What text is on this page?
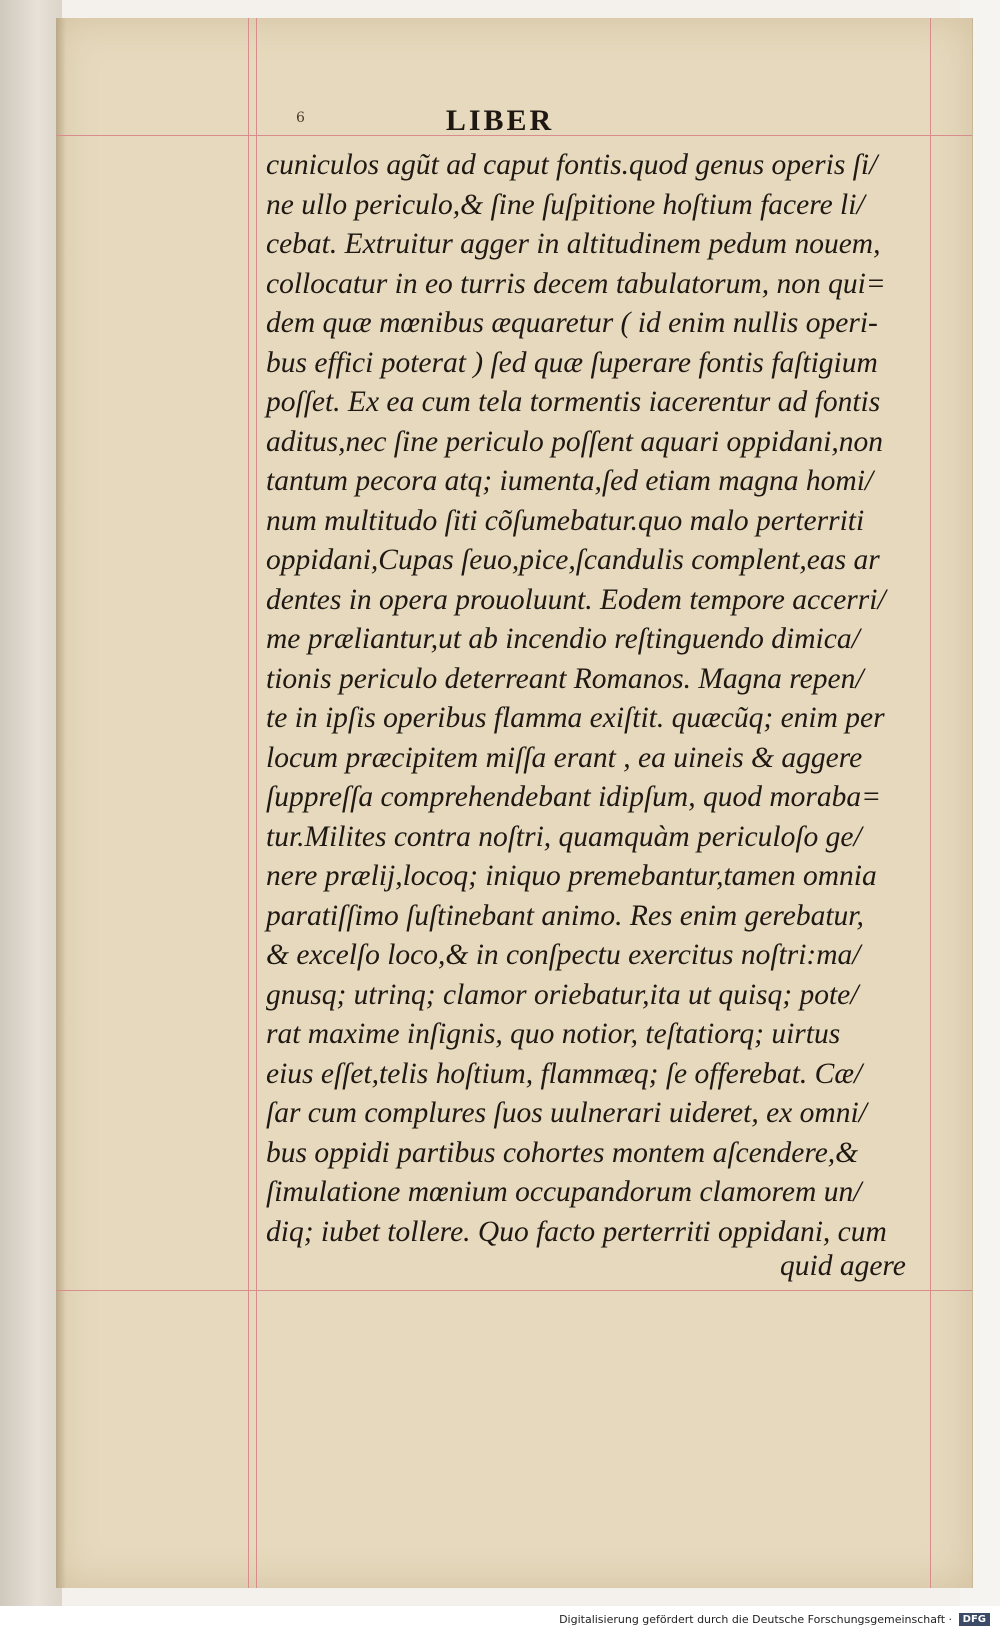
6	LIBER
cuniculos agũt ad caput fontis.quod genus operis ſi/
ne ullo periculo,& ſine ſuſpitione hoſtium facere li/
cebat. Extruitur agger in altitudinem pedum nouem,
collocatur in eo turris decem tabulatorum, non qui=
dem quæ mœnibus æquaretur ( id enim nullis operi-
bus effici poterat ) ſed quæ ſuperare fontis faſtigium
poſſet. Ex ea cum tela tormentis iacerentur ad fontis
aditus,nec ſine periculo poſſent aquari oppidani,non
tantum pecora atq; iumenta,ſed etiam magna homi/
num multitudo ſiti cõſumebatur.quo malo perterriti
oppidani,Cupas ſeuo,pice,ſcandulis complent,eas ar
dentes in opera prouoluunt. Eodem tempore accerri/
me præliantur,ut ab incendio reſtinguendo dimica/
tionis periculo deterreant Romanos. Magna repen/
te in ipſis operibus flamma exiſtit. quæcũq; enim per
locum præcipitem miſſa erant , ea uineis & aggere
ſuppreſſa comprehendebant idipſum, quod moraba=
tur.Milites contra noſtri, quamquàm periculoſo ge/
nere prælij,locoq; iniquo premebantur,tamen omnia
paratiſſimo ſuſtinebant animo. Res enim gerebatur,
& excelſo loco,& in conſpectu exercitus noſtri:ma/
gnusq; utrinq; clamor oriebatur,ita ut quisq; pote/
rat maxime inſignis, quo notior, teſtatiorq; uirtus
eius eſſet,telis hoſtium, flammæq; ſe offerebat. Cæ/
ſar cum complures ſuos uulnerari uideret, ex omni/
bus oppidi partibus cohortes montem aſcendere,&
ſimulatione mœnium occupandorum clamorem un/
diq; iubet tollere. Quo facto perterriti oppidani, cum
quid agere
Digitalisierung gefördert durch die Deutsche Forschungsgemeinschaft ·	DFG
